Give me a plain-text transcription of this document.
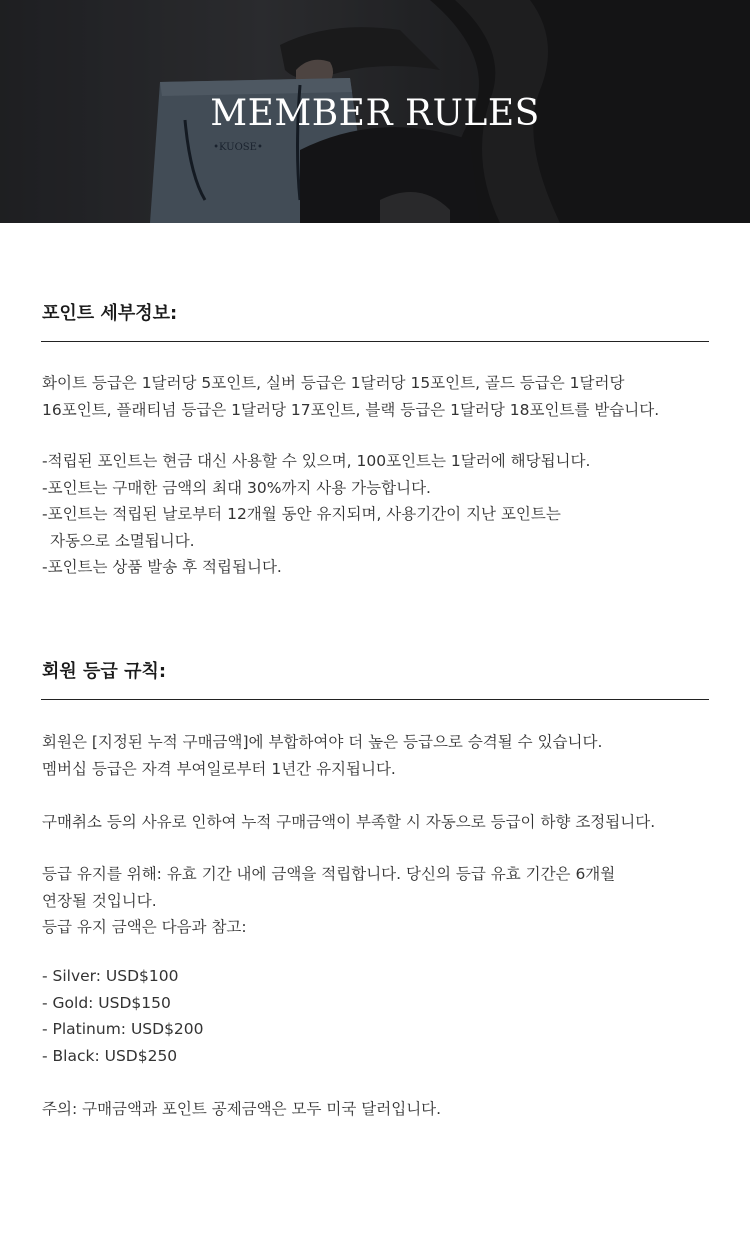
•KUOSE•
MEMBER RULES
포인트 세부정보:

화이트 등급은 1달러당 5포인트, 실버 등급은 1달러당 15포인트, 골드 등급은 1달러당

16포인트, 플래티넘 등급은 1달러당 17포인트, 블랙 등급은 1달러당 18포인트를 받습니다.

-적립된 포인트는 현금 대신 사용할 수 있으며, 100포인트는 1달러에 해당됩니다.

-포인트는 구매한 금액의 최대 30%까지 사용 가능합니다.

-포인트는 적립된 날로부터 12개월 동안 유지되며, 사용기간이 지난 포인트는

자동으로 소멸됩니다.

-포인트는 상품 발송 후 적립됩니다.

회원 등급 규칙:

회원은 [지정된 누적 구매금액]에 부합하여야 더 높은 등급으로 승격될 수 있습니다.

멤버십 등급은 자격 부여일로부터 1년간 유지됩니다.

구매취소 등의 사유로 인하여 누적 구매금액이 부족할 시 자동으로 등급이 하향 조정됩니다.

등급 유지를 위해: 유효 기간 내에 금액을 적립합니다. 당신의 등급 유효 기간은 6개월

연장될 것입니다.

등급 유지 금액은 다음과 참고:

- Silver: USD$100

- Gold: USD$150

- Platinum: USD$200

- Black: USD$250

주의: 구매금액과 포인트 공제금액은 모두 미국 달러입니다.
